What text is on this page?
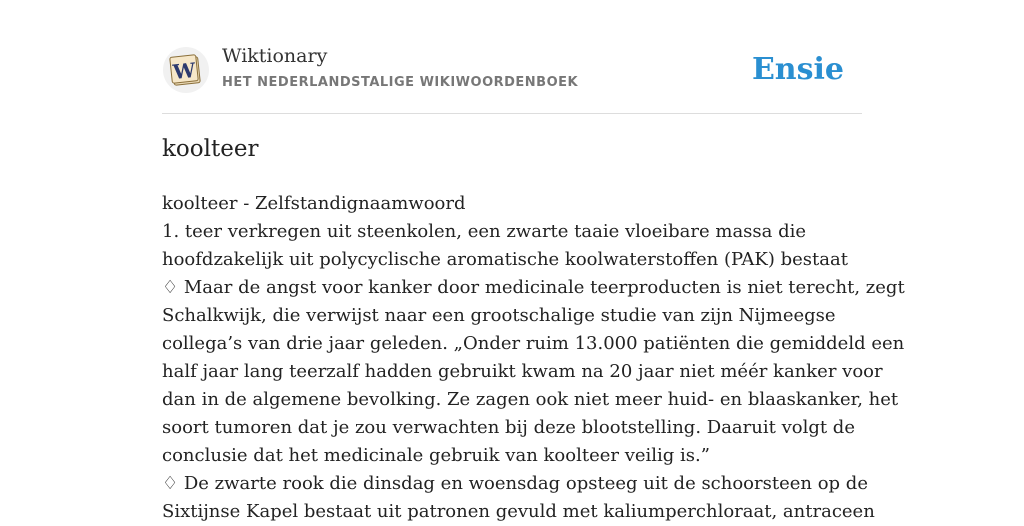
W
Wiktionary
HET NEDERLANDSTALIGE WIKIWOORDENBOEK	Ensie
koolteer
koolteer - Zelfstandignaamwoord
1. teer verkregen uit steenkolen, een zwarte taaie vloeibare massa die
hoofdzakelijk uit polycyclische aromatische koolwaterstoffen (PAK) bestaat
♢ Maar de angst voor kanker door medicinale teerproducten is niet terecht, zegt
Schalkwijk, die verwijst naar een grootschalige studie van zijn Nijmeegse
collega’s van drie jaar geleden. „Onder ruim 13.000 patiënten die gemiddeld een
half jaar lang teerzalf hadden gebruikt kwam na 20 jaar niet méér kanker voor
dan in de algemene bevolking. Ze zagen ook niet meer huid- en blaaskanker, het
soort tumoren dat je zou verwachten bij deze blootstelling. Daaruit volgt de
conclusie dat het medicinale gebruik van koolteer veilig is.”
♢ De zwarte rook die dinsdag en woensdag opsteeg uit de schoorsteen op de
Sixtijnse Kapel bestaat uit patronen gevuld met kaliumperchloraat, antraceen
